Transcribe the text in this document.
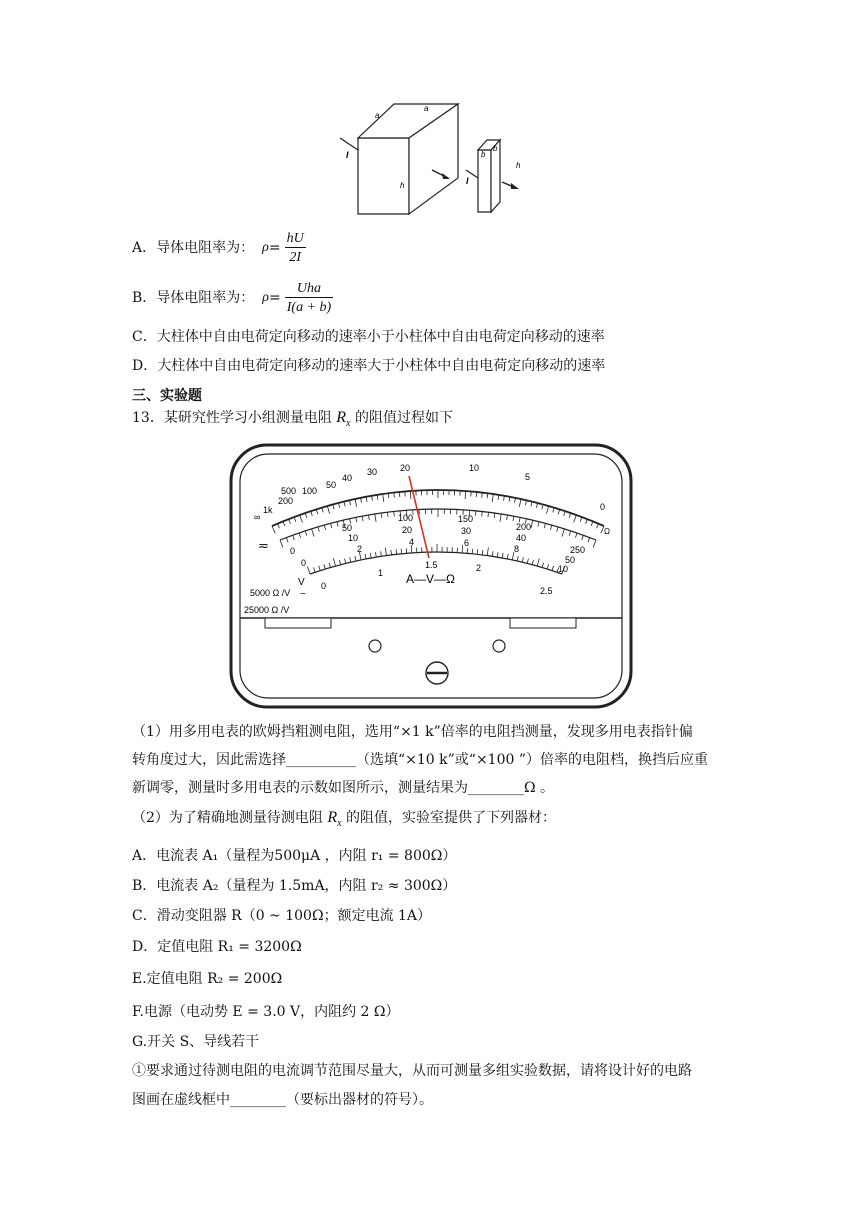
a
a
I
h
b
b
I
h
A．导体电阻率为： $\rho = \frac{hU}{2I}$
B．导体电阻率为： $\rho = \frac{\text{Uha}}{I(a + b)}$
C．大柱体中自由电荷定向移动的速率小于小柱体中自由电荷定向移动的速率
D．大柱体中自由电荷定向移动的速率大于小柱体中自由电荷定向移动的速率
三、实验题
13．某研究性学习小组测量电阻 $R_x$ 的阻值过程如下
∞
1k
500
200
100
50
40
30	20	10
5
0
Ω
≂ 0
0
50
100	150
200
250
10
20	30
40
50
2
4	6
8
10
V
~
0
1
1.5	2
2.5
A—V—Ω
5000 Ω /V
25000 Ω /V
（1）用多用电表的欧姆挡粗测电阻，选用“×1 k”倍率的电阻挡测量，发现多用电表指针偏
转角度过大，因此需选择__________（选填“×10 k”或“×100 ”）倍率的电阻档，换挡后应重
新调零，测量时多用电表的示数如图所示，测量结果为________Ω 。
（2）为了精确地测量待测电阻 $R_x$ 的阻值，实验室提供了下列器材：
A．电流表 A₁（量程为500μA ，内阻 r₁ = 800Ω）
B．电流表 A₂（量程为 1.5mA，内阻 r₂ ≈ 300Ω）
C．滑动变阻器 R（0 ~ 100Ω；额定电流 1A）
D．定值电阻 R₁ = 3200Ω
E.定值电阻 R₂ = 200Ω
F.电源（电动势 E = 3.0 V，内阻约 2 Ω）
G.开关 S、导线若干
①要求通过待测电阻的电流调节范围尽量大，从而可测量多组实验数据，请将设计好的电路
图画在虚线框中________（要标出器材的符号）。
